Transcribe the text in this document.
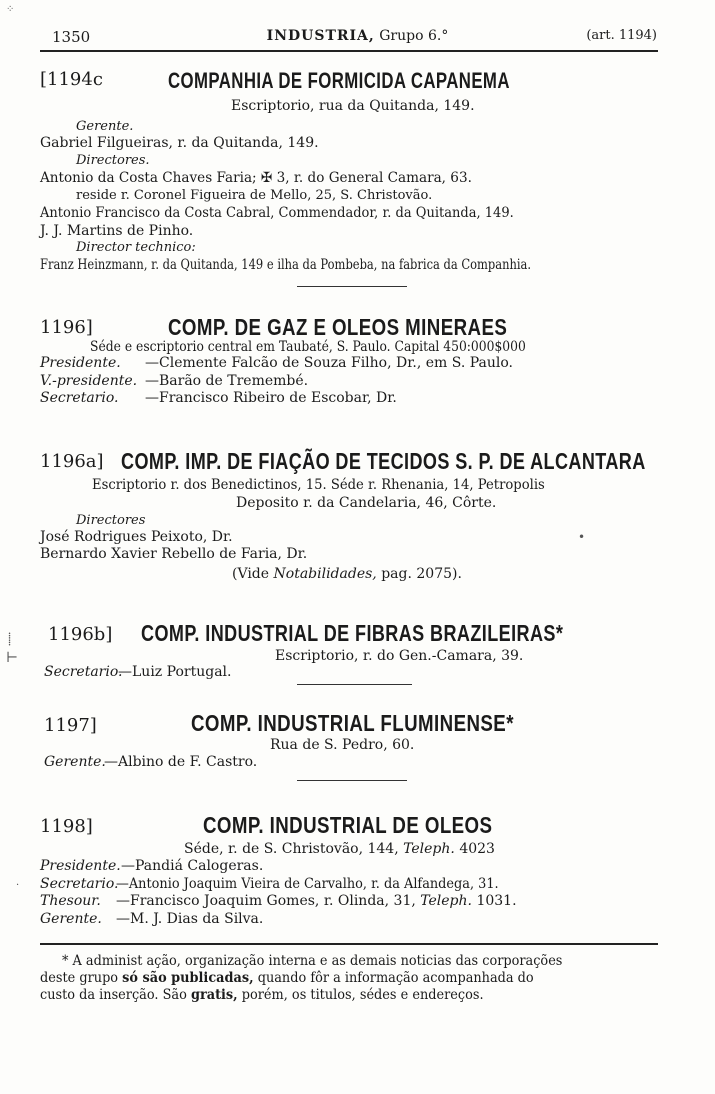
1350	INDUSTRIA, Grupo 6.°	(art. 1194)
[1194c	COMPANHIA DE FORMICIDA CAPANEMA
Escriptorio, rua da Quitanda, 149.
Gerente.
Gabriel Filgueiras, r. da Quitanda, 149.
Directores.
Antonio da Costa Chaves Faria; ✠ 3, r. do General Camara, 63.
reside r. Coronel Figueira de Mello, 25, S. Christovão.
Antonio Francisco da Costa Cabral, Commendador, r. da Quitanda, 149.
J. J. Martins de Pinho.
Director technico:
Franz Heinzmann, r. da Quitanda, 149 e ilha da Pombeba, na fabrica da Companhia.
1196]	COMP. DE GAZ E OLEOS MINERAES
Séde e escriptorio central em Taubaté, S. Paulo. Capital 450:000$000
Presidente. —Clemente Falcão de Souza Filho, Dr., em S. Paulo.
V.-presidente. —Barão de Tremembé.
Secretario. —Francisco Ribeiro de Escobar, Dr.
1196a] COMP. IMP. DE FIAÇÃO DE TECIDOS S. P. DE ALCANTARA
Escriptorio r. dos Benedictinos, 15. Séde r. Rhenania, 14, Petropolis
Deposito r. da Candelaria, 46, Côrte.
Directores
José Rodrigues Peixoto, Dr.
Bernardo Xavier Rebello de Faria, Dr.
(Vide Notabilidades, pag. 2075).
1196b] COMP. INDUSTRIAL DE FIBRAS BRAZILEIRAS*
Escriptorio, r. do Gen.-Camara, 39.
Secretario.
—Luiz Portugal.
1197]	COMP. INDUSTRIAL FLUMINENSE*
Rua de S. Pedro, 60.
Gerente.
—Albino de F. Castro.
1198]	COMP. INDUSTRIAL DE OLEOS
Séde, r. de S. Christovão, 144, Teleph. 4023
Presidente. —Pandiá Calogeras.
Secretario.
—Antonio Joaquim Vieira de Carvalho, r. da Alfandega, 31.
Thesour. —Francisco Joaquim Gomes, r. Olinda, 31, Teleph. 1031.
Gerente. —M. J. Dias da Silva.
* A administ ação, organização interna e as demais noticias das corporações
deste grupo só são publicadas, quando fôr a informação acompanhada do
custo da inserção. São gratis, porém, os titulos, sédes e endereços.
⁘
⸽
⊢
·
•
